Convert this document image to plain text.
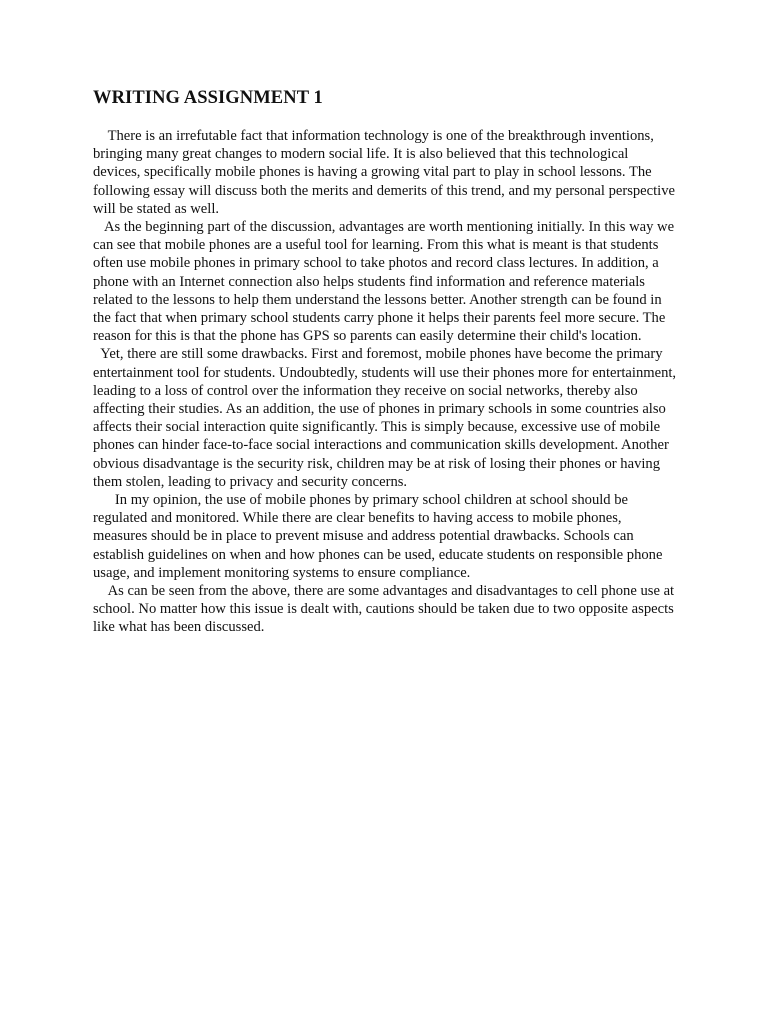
WRITING ASSIGNMENT 1

There is an irrefutable fact that information technology is one of the breakthrough inventions, bringing many great changes to modern social life. It is also believed that this technological devices, specifically mobile phones is having a growing vital part to play in school lessons. The following essay will discuss both the merits and demerits of this trend, and my personal perspective will be stated as well.

As the beginning part of the discussion, advantages are worth mentioning initially. In this way we can see that mobile phones are a useful tool for learning. From this what is meant is that students often use mobile phones in primary school to take photos and record class lectures. In addition, a phone with an Internet connection also helps students find information and reference materials related to the lessons to help them understand the lessons better. Another strength can be found in the fact that when primary school students carry phone it helps their parents feel more secure. The reason for this is that the phone has GPS so parents can easily determine their child's location.

Yet, there are still some drawbacks. First and foremost, mobile phones have become the primary entertainment tool for students. Undoubtedly, students will use their phones more for entertainment, leading to a loss of control over the information they receive on social networks, thereby also affecting their studies. As an addition, the use of phones in primary schools in some countries also affects their social interaction quite significantly. This is simply because, excessive use of mobile phones can hinder face-to-face social interactions and communication skills development. Another obvious disadvantage is the security risk, children may be at risk of losing their phones or having them stolen, leading to privacy and security concerns.

In my opinion, the use of mobile phones by primary school children at school should be regulated and monitored. While there are clear benefits to having access to mobile phones, measures should be in place to prevent misuse and address potential drawbacks. Schools can establish guidelines on when and how phones can be used, educate students on responsible phone usage, and implement monitoring systems to ensure compliance.

As can be seen from the above, there are some advantages and disadvantages to cell phone use at school. No matter how this issue is dealt with, cautions should be taken due to two opposite aspects like what has been discussed.
